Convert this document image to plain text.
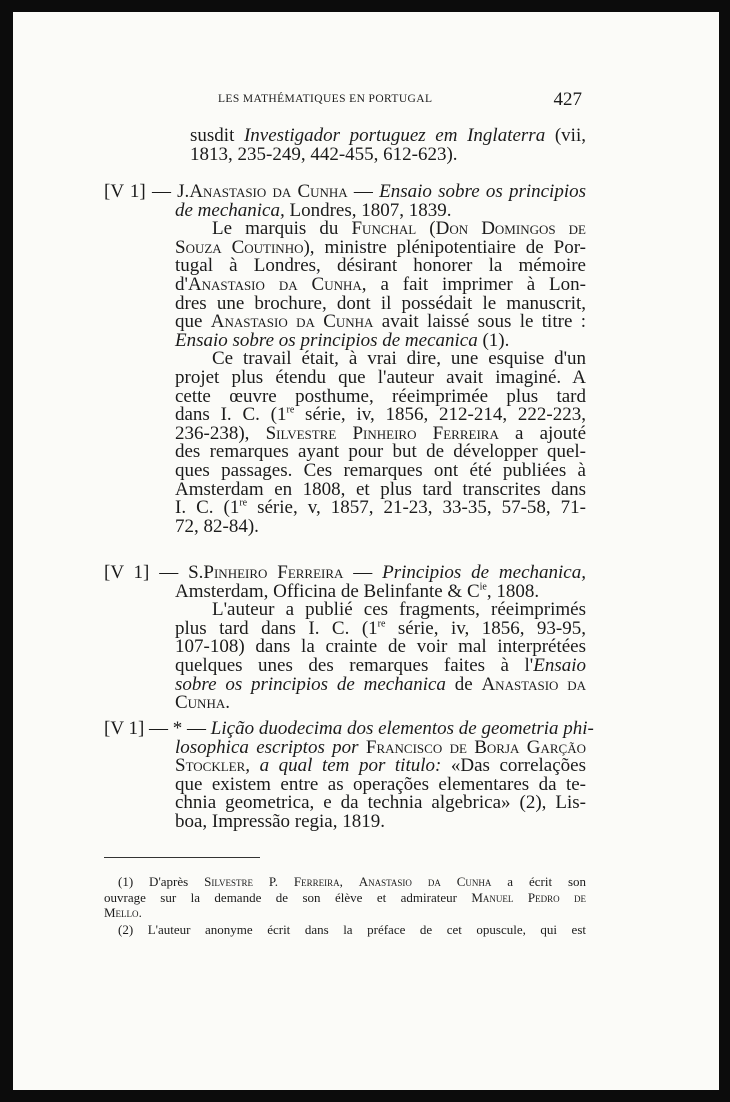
LES MATHÉMATIQUES EN PORTUGAL	427
susdit Investigador portuguez em Inglaterra (vii,
1813, 235-249, 442-455, 612-623).
[V 1] — J.Anastasio da Cunha — Ensaio sobre os principios
de mechanica, Londres, 1807, 1839.
Le marquis du Funchal (Don Domingos de
Souza Coutinho), ministre plénipotentiaire de Por-
tugal à Londres, désirant honorer la mémoire
d'Anastasio da Cunha, a fait imprimer à Lon-
dres une brochure, dont il possédait le manuscrit,
que Anastasio da Cunha avait laissé sous le titre :
Ensaio sobre os principios de mecanica (1).
Ce travail était, à vrai dire, une esquise d'un
projet plus étendu que l'auteur avait imaginé. A
cette œuvre posthume, réeimprimée plus tard
dans I. C. (1re série, iv, 1856, 212-214, 222-223,
236-238), Silvestre Pinheiro Ferreira a ajouté
des remarques ayant pour but de développer quel-
ques passages. Ces remarques ont été publiées à
Amsterdam en 1808, et plus tard transcrites dans
I. C. (1re série, v, 1857, 21-23, 33-35, 57-58, 71-
72, 82-84).
[V 1] — S.Pinheiro Ferreira — Principios de mechanica,
Amsterdam, Officina de Belinfante & $C^{ie}$, 1808.
L'auteur a publié ces fragments, réeimprimés
plus tard dans I. C. (1re série, iv, 1856, 93-95,
107-108) dans la crainte de voir mal interprétées
quelques unes des remarques faites à l'Ensaio
sobre os principios de mechanica de Anastasio da
Cunha.
[V 1] — * — Lição duodecima dos elementos de geometria phi-
losophica escriptos por Francisco de Borja Garção
Stockler, a qual tem por titulo: «Das correlações
que existem entre as operações elementares da te-
chnia geometrica, e da technia algebrica» (2), Lis-
boa, Impressão regia, 1819.
(1) D'après Silvestre P. Ferreira, Anastasio da Cunha a écrit son
ouvrage sur la demande de son élève et admirateur Manuel Pedro de
Mello.
(2) L'auteur anonyme écrit dans la préface de cet opuscule, qui est
